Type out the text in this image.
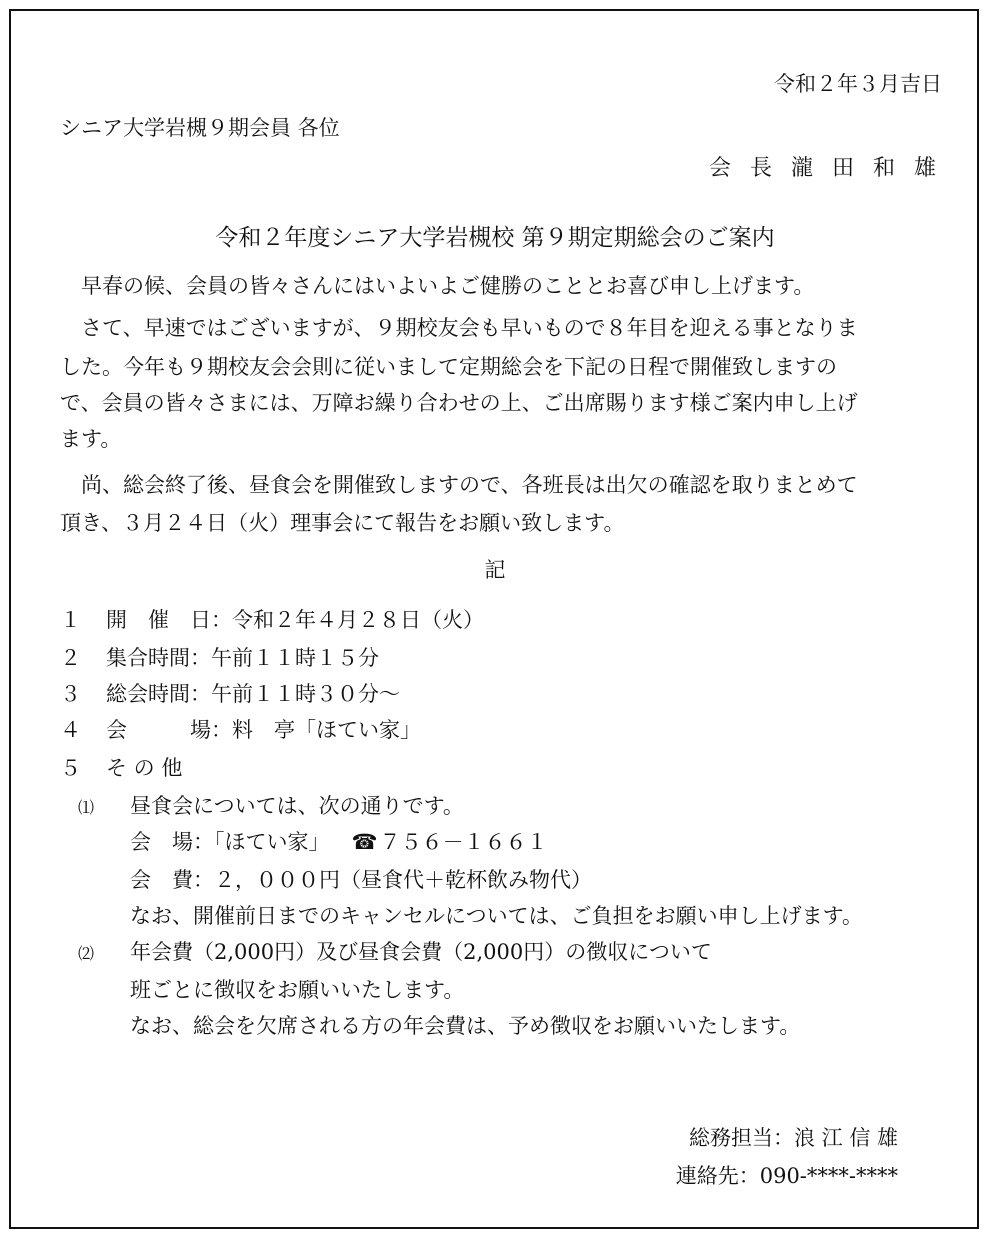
令和２年３月吉日
シニア大学岩槻９期会員 各位
会 長 瀧 田 和 雄
令和２年度シニア大学岩槻校 第９期定期総会のご案内
　早春の候、会員の皆々さんにはいよいよご健勝のこととお喜び申し上げます。
　さて、早速ではございますが、９期校友会も早いもので８年目を迎える事となりま
した。今年も９期校友会会則に従いまして定期総会を下記の日程で開催致しますの
で、会員の皆々さまには、万障お繰り合わせの上、ご出席賜ります様ご案内申し上げ
ます。
　尚、総会終了後、昼食会を開催致しますので、各班長は出欠の確認を取りまとめて
頂き、３月２４日（火）理事会にて報告をお願い致します。
記
１ 開　催　日：令和２年４月２８日（火）
２ 集合時間：午前１１時１５分
３ 総会時間：午前１１時３０分～
４ 会　　　場：料　亭「ほてい家」
５ そ の 他
⑴ 昼食会については、次の通りです。
会　場：「ほてい家」 ☎７５６－１６６１
会　費：２，０００円（昼食代＋乾杯飲み物代）
なお、開催前日までのキャンセルについては、ご負担をお願い申し上げます。
⑵ 年会費（2,000円）及び昼食会費（2,000円）の徴収について
班ごとに徴収をお願いいたします。
なお、総会を欠席される方の年会費は、予め徴収をお願いいたします。
総務担当：浪 江 信 雄
連絡先：090-****-****
